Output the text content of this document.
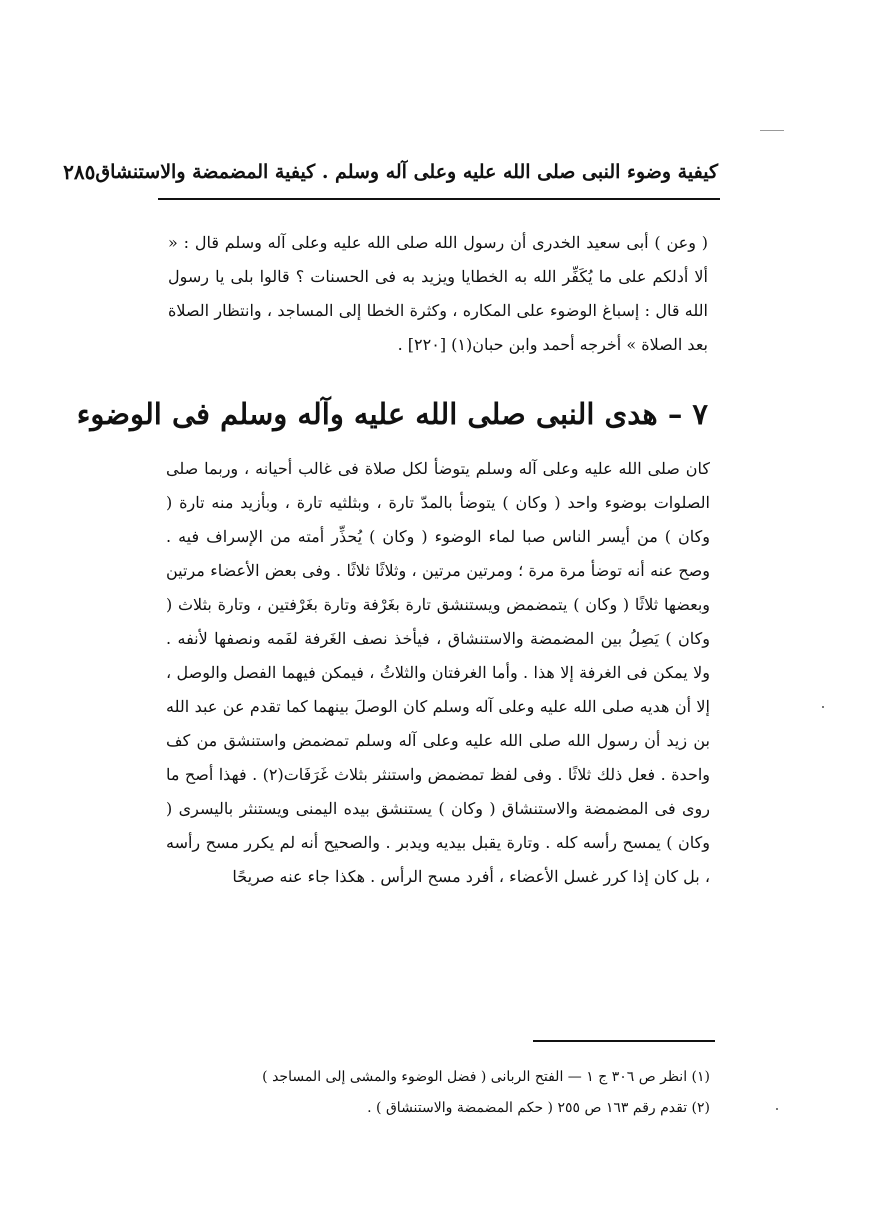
كيفية وضوء النبى صلى الله عليه وعلى آله وسلم . كيفية المضمضة والاستنشاق
٢٨٥

( وعن ) أبى سعيد الخدرى أن رسول الله صلى الله عليه وعلى آله وسلم قال : « ألا أدلكم على ما يُكَفِّر الله به الخطايا ويزيد به فى الحسنات ؟ قالوا بلى يا رسول الله قال : إسباغ الوضوء على المكاره ، وكثرة الخطا إلى المساجد ، وانتظار الصلاة بعد الصلاة » أخرجه أحمد وابن حبان(١) [٢٢٠] .

٧ – هدى النبى صلى الله عليه وآله وسلم فى الوضوء

كان صلى الله عليه وعلى آله وسلم يتوضأ لكل صلاة فى غالب أحيانه ، وربما صلى الصلوات بوضوء واحد ( وكان ) يتوضأ بالمدّ تارة ، وبثلثيه تارة ، وبأزيد منه تارة ( وكان ) من أيسر الناس صبا لماء الوضوء ( وكان ) يُحذِّر أمته من الإسراف فيه . وصح عنه أنه توضأ مرة مرة ؛ ومرتين مرتين ، وثلاثًا ثلاثًا . وفى بعض الأعضاء مرتين وبعضها ثلاثًا ( وكان ) يتمضمض ويستنشق تارة بغَرْفة وتارة بغَرْفتين ، وتارة بثلاث ( وكان ) يَصِلُ بين المضمضة والاستنشاق ، فيأخذ نصف الغَرفة لفَمه ونصفها لأنفه . ولا يمكن فى الغرفة إلا هذا . وأما الغرفتان والثلاثُ ، فيمكن فيهما الفصل والوصل ، إلا أن هديه صلى الله عليه وعلى آله وسلم كان الوصلَ بينهما كما تقدم عن عبد الله بن زيد أن رسول الله صلى الله عليه وعلى آله وسلم تمضمض واستنشق من كف واحدة . فعل ذلك ثلاثًا . وفى لفظ تمضمض واستنثر بثلاث غَرَفَات(٢) . فهذا أصح ما روى فى المضمضة والاستنشاق ( وكان ) يستنشق بيده اليمنى ويستنثر باليسرى ( وكان ) يمسح رأسه كله . وتارة يقبل بيديه ويدبر . والصحيح أنه لم يكرر مسح رأسه ، بل كان إذا كرر غسل الأعضاء ، أفرد مسح الرأس . هكذا جاء عنه صريحًا

(١) انظر ص ٣٠٦ ج ١ — الفتح الربانى ( فضل الوضوء والمشى إلى المساجد )
(٢) تقدم رقم ١٦٣ ص ٢٥٥ ( حكم المضمضة والاستنشاق ) .
